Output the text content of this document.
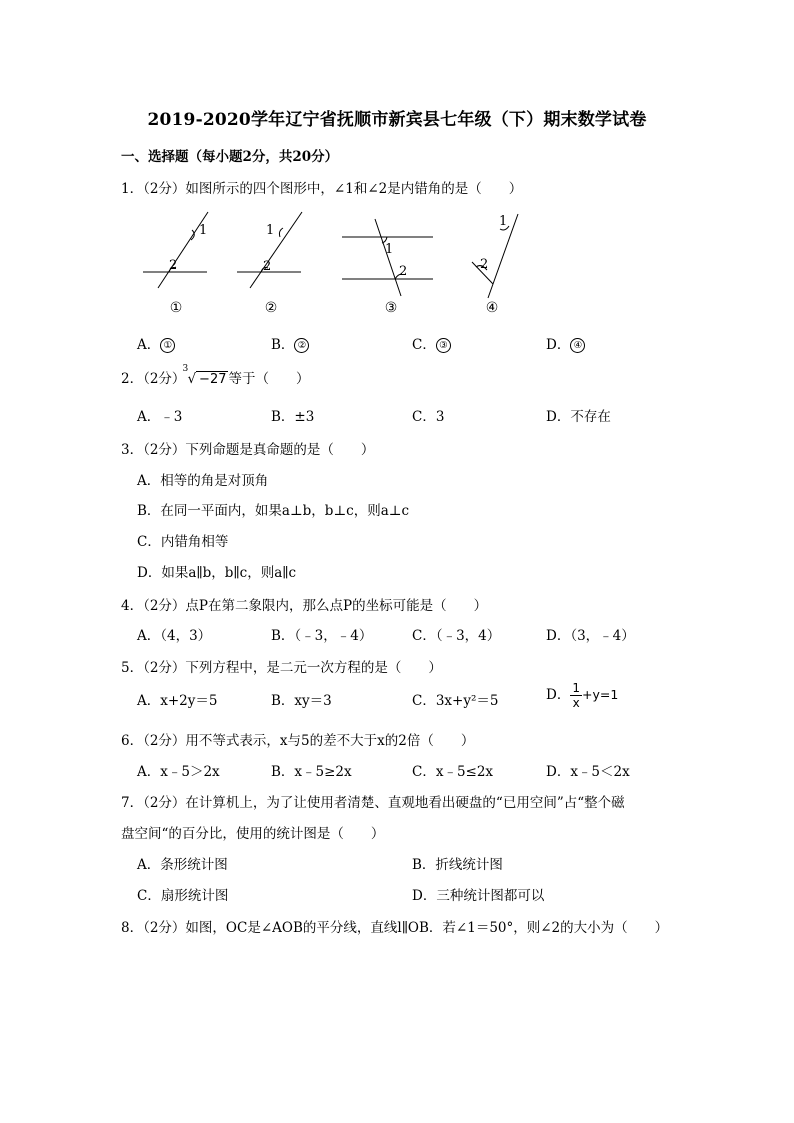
2019-2020学年辽宁省抚顺市新宾县七年级（下）期末数学试卷
一、选择题（每小题2分，共20分）
1．（2分）如图所示的四个图形中，∠1和∠2是内错角的是（　　）
1
2
1
2
1
2
1
2
①	②	③	④
A． ①	B． ②	C． ③	D． ④
2．（2分）
3
√ −27 等于（　　）
A．﹣3	B．±3	C．3	D．不存在
3．（2分）下列命题是真命题的是（　　）
A．相等的角是对顶角
B．在同一平面内，如果a⊥b，b⊥c，则a⊥c
C．内错角相等
D．如果a∥b，b∥c，则a∥c
4．（2分）点P在第二象限内，那么点P的坐标可能是（　　）
A．（4，3）	B．（﹣3，﹣4）	C．（﹣3，4）	D．（3，﹣4）
5．（2分）下列方程中，是二元一次方程的是（　　）
A．x+2y＝5	B．xy＝3	C．3x+y²＝5	D． $\frac{1}{x} +y=1$
6．（2分）用不等式表示，x与5的差不大于x的2倍（　　）
A．x﹣5＞2x	B．x﹣5≥2x	C．x﹣5≤2x	D．x﹣5＜2x
7．（2分）在计算机上，为了让使用者清楚、直观地看出硬盘的“已用空间”占“整个磁
盘空间“的百分比，使用的统计图是（　　）
A．条形统计图	B．折线统计图
C．扇形统计图	D．三种统计图都可以
8．（2分）如图，OC是∠AOB的平分线，直线l∥OB．若∠1＝50°，则∠2的大小为（　　）
